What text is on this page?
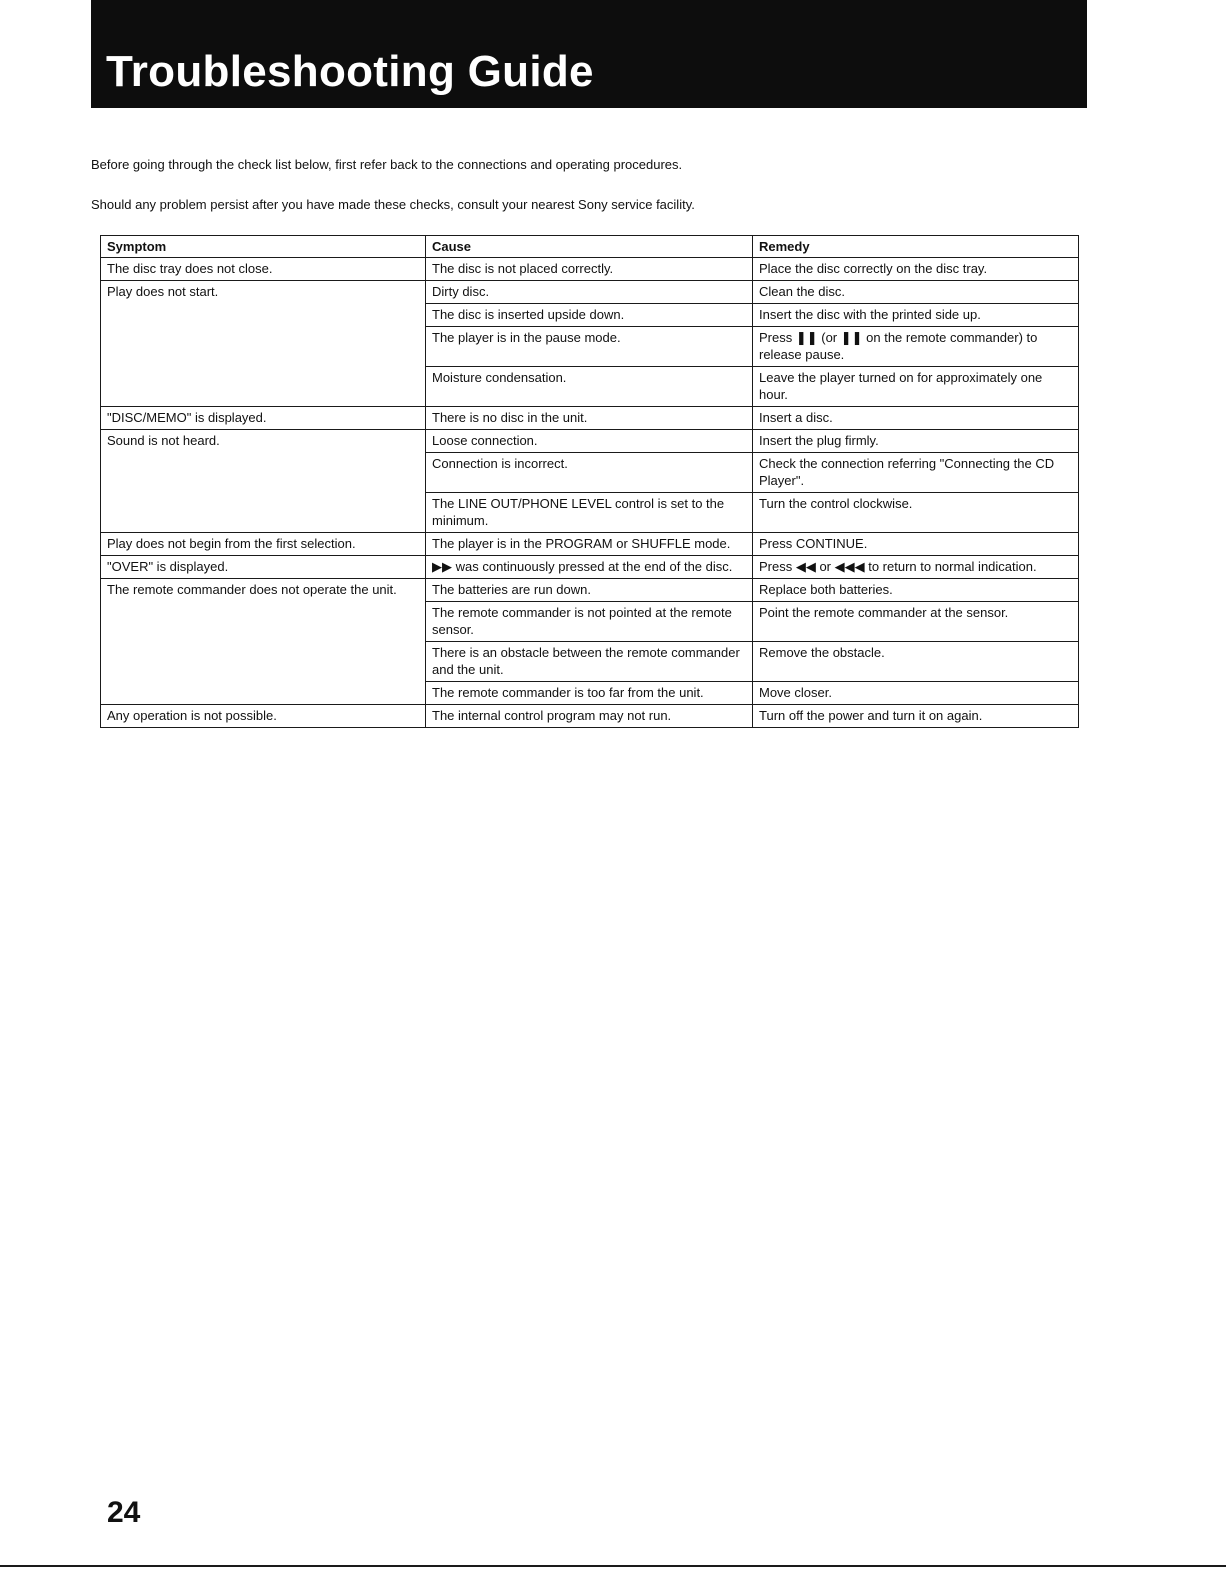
Troubleshooting Guide
Before going through the check list below, first refer back to the connections and operating procedures.
Should any problem persist after you have made these checks, consult your nearest Sony service facility.
Symptom	Cause	Remedy
The disc tray does not close.	The disc is not placed correctly.	Place the disc correctly on the disc tray.
Play does not start.	Dirty disc.	Clean the disc.
	The disc is inserted upside down.	Insert the disc with the printed side up.
	The player is in the pause mode.	Press ❚❚ (or ❚❚ on the remote commander) to release pause.
	Moisture condensation.	Leave the player turned on for approximately one hour.
"DISC/MEMO" is displayed.	There is no disc in the unit.	Insert a disc.
Sound is not heard.	Loose connection.	Insert the plug firmly.
	Connection is incorrect.	Check the connection referring "Connecting the CD Player".
	The LINE OUT/PHONE LEVEL control is set to the minimum.	Turn the control clockwise.
Play does not begin from the first selection.	The player is in the PROGRAM or SHUFFLE mode.	Press CONTINUE.
"OVER" is displayed.	▶▶ was continuously pressed at the end of the disc.	Press ◀◀ or ◀◀◀ to return to normal indication.
The remote commander does not operate the unit.	The batteries are run down.	Replace both batteries.
	The remote commander is not pointed at the remote sensor.	Point the remote commander at the sensor.
	There is an obstacle between the remote commander and the unit.	Remove the obstacle.
	The remote commander is too far from the unit.	Move closer.
Any operation is not possible.	The internal control program may not run.	Turn off the power and turn it on again.
24
